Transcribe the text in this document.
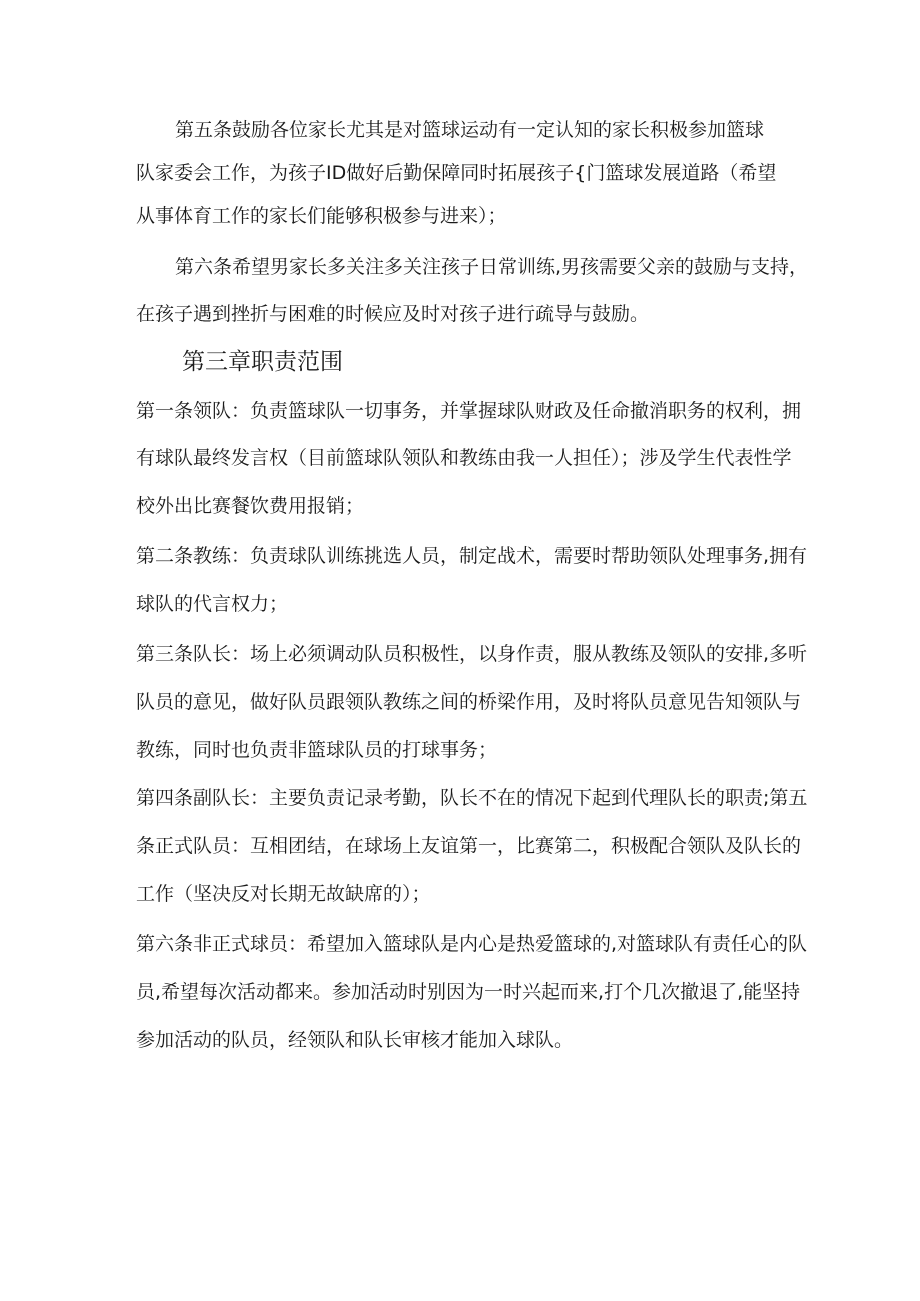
第五条鼓励各位家长尤其是对篮球运动有一定认知的家长积极参加篮球
队家委会工作，为孩子ID做好后勤保障同时拓展孩子{门篮球发展道路（希望
从事体育工作的家长们能够积极参与进来）；
第六条希望男家长多关注多关注孩子日常训练,男孩需要父亲的鼓励与支持，
在孩子遇到挫折与困难的时候应及时对孩子进行疏导与鼓励。
第三章职责范围
第一条领队：负责篮球队一切事务，并掌握球队财政及任命撤消职务的权利，拥
有球队最终发言权（目前篮球队领队和教练由我一人担任）；涉及学生代表性学
校外出比赛餐饮费用报销；
第二条教练：负责球队训练挑选人员，制定战术，需要时帮助领队处理事务,拥有
球队的代言权力；
第三条队长：场上必须调动队员积极性，以身作责，服从教练及领队的安排,多听
队员的意见，做好队员跟领队教练之间的桥梁作用，及时将队员意见告知领队与
教练，同时也负责非篮球队员的打球事务；
第四条副队长：主要负责记录考勤，队长不在的情况下起到代理队长的职责;第五
条正式队员：互相团结，在球场上友谊第一，比赛第二，积极配合领队及队长的
工作（坚决反对长期无故缺席的）；
第六条非正式球员：希望加入篮球队是内心是热爱篮球的,对篮球队有责任心的队
员,希望每次活动都来。参加活动时别因为一时兴起而来,打个几次撤退了,能坚持
参加活动的队员，经领队和队长审核才能加入球队。
